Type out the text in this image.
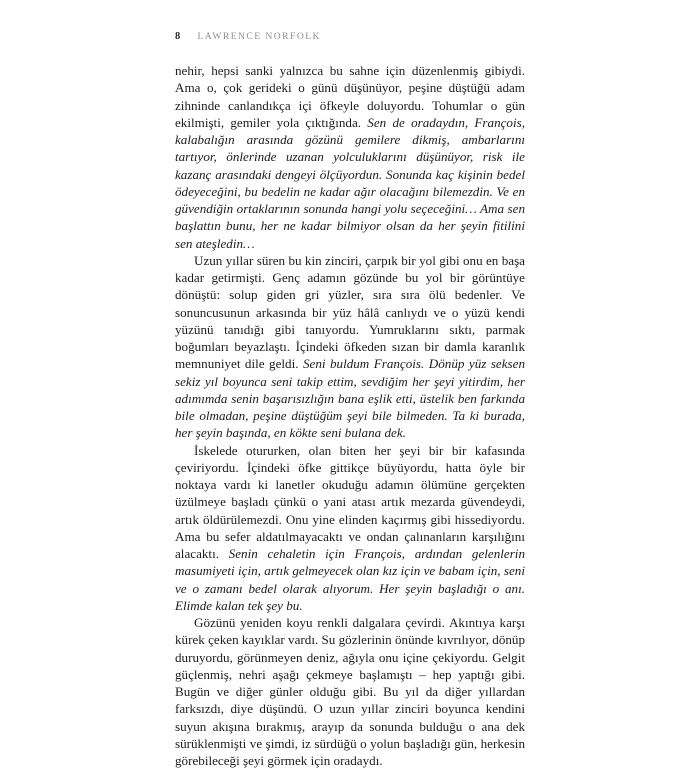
8 LAWRENCE NORFOLK

nehir, hepsi sanki yalnızca bu sahne için düzenlenmiş gibiydi. Ama o, çok gerideki o günü düşünüyor, peşine düştüğü adam zihninde canlandıkça içi öfkeyle doluyordu. Tohumlar o gün ekilmişti, gemiler yola çıktığında. Sen de oradaydın, François, kalabalığın arasında gözünü gemilere dikmiş, ambarlarını tartıyor, önlerinde uzanan yolculuklarını düşünüyor, risk ile kazanç arasındaki dengeyi ölçüyordun. Sonunda kaç kişinin bedel ödeyeceğini, bu bedelin ne kadar ağır olacağını bilemezdin. Ve en güvendiğin ortaklarının sonunda hangi yolu seçeceğini… Ama sen başlattın bunu, her ne kadar bilmiyor olsan da her şeyin fitilini sen ateşledin…

Uzun yıllar süren bu kin zinciri, çarpık bir yol gibi onu en başa kadar getirmişti. Genç adamın gözünde bu yol bir görüntüye dönüştü: solup giden gri yüzler, sıra sıra ölü bedenler. Ve sonuncusunun arkasında bir yüz hâlâ canlıydı ve o yüzü kendi yüzünü tanıdığı gibi tanıyordu. Yumruklarını sıktı, parmak boğumları beyazlaştı. İçindeki öfkeden sızan bir damla karanlık memnuniyet dile geldi. Seni buldum François. Dönüp yüz seksen sekiz yıl boyunca seni takip ettim, sevdiğim her şeyi yitirdim, her adımımda senin başarısızlığın bana eşlik etti, üstelik ben farkında bile olmadan, peşine düştüğüm şeyi bile bilmeden. Ta ki burada, her şeyin başında, en kökte seni bulana dek.

İskelede otururken, olan biten her şeyi bir bir kafasında çeviriyordu. İçindeki öfke gittikçe büyüyordu, hatta öyle bir noktaya vardı ki lanetler okuduğu adamın ölümüne gerçekten üzülmeye başladı çünkü o yani atası artık mezarda güvendeydi, artık öldürülemezdi. Onu yine elinden kaçırmış gibi hissediyordu. Ama bu sefer aldatılmayacaktı ve ondan çalınanların karşılığını alacaktı. Senin cehaletin için François, ardından gelenlerin masumiyeti için, artık gelmeyecek olan kız için ve babam için, seni ve o zamanı bedel olarak alıyorum. Her şeyin başladığı o anı. Elimde kalan tek şey bu.

Gözünü yeniden koyu renkli dalgalara çevirdi. Akıntıya karşı kürek çeken kayıklar vardı. Su gözlerinin önünde kıvrılıyor, dönüp duruyordu, görünmeyen deniz, ağıyla onu içine çekiyordu. Gelgit güçlenmiş, nehri aşağı çekmeye başlamıştı – hep yaptığı gibi. Bugün ve diğer günler olduğu gibi. Bu yıl da diğer yıllardan farksızdı, diye düşündü. O uzun yıllar zinciri boyunca kendini suyun akışına bırakmış, arayıp da sonunda bulduğu o ana dek sürüklenmişti ve şimdi, iz sürdüğü o yolun başladığı gün, herkesin görebileceği şeyi görmek için oradaydı.
